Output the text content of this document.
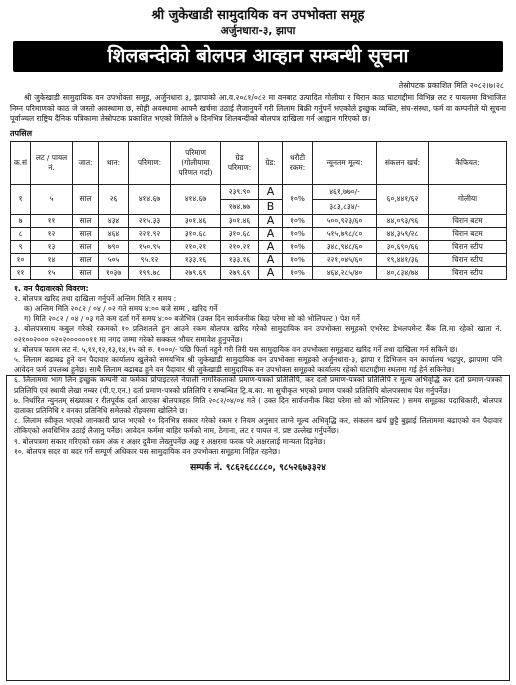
श्री जुकेखाडी सामुदायिक वन उपभोक्ता समूह
अर्जुनधारा-३, झापा
शिलबन्दीको बोलपत्र आव्हान सम्बन्धी सूचना
तेस्रोपटक प्रकाशित मिति २०८२।७।२८
श्री जुकेखाडी सामुदायिक वन उपभोक्ता समूह, अर्जुनधारा ३, झापाको आ.व.२०८१/०८२ मा वनबाट उत्पादित गोलीया र चिरान काठ घाटगद्दीमा विभिन्न लट र पायलमा विभाजित निम्न परिमाणको काठ जे जस्तो अवस्थामा छ, सोही अवस्थामा आफ्नै खर्चमा उठाई लैजानुपर्ने गरी लिलाम बिक्री गर्नुपर्ने भएकोले इच्छुक व्यक्ति, संघ-संस्था, फर्म वा कम्पनीले यो सूचना पूर्वाञ्चल राष्ट्रिय दैनिक पत्रिकामा तेस्रोपटक प्रकाशित भएको मितिले ७ दिनभित्र शिलबन्दीको बोलपत्र दाखिला गर्न आह्वान गरिएको छ।
तपसिल
क.सं	लट / पायल नं.	जात:	थान:	परिमाण:	परिमाण (गोलीयामा परिणत गर्दा)	ग्रेड परिमाण:	ग्रेड:	धरौटी रकम:	न्यूनतम मूल्य:	संकलन खर्च:	कैफियत:
१	५	साल	२६	४१४.६७	४१४.६७	२३९.९०	A	१०%	४६१,७७०/-	६०,४४१/६२	गोलीया
						१७४.७७	B		३८३,८३४/-		
७	११	साल	४३४	२१५.३३	३०१.४६	३०१.४६	A	१०%	५००,९२३/६०	४४,०९३/९६	चिरान बटम
८	१२	साल	४६४	२२१.९२	३१०.६८	३१०.६८	A	१०%	५१५,७९८/८०	४४,३५९/२८	चिरान बटम
९	१३	साल	७९०	१५०.९५	२१०.२१	२१०.२१	A	१०%	३४८,९४८/६०	३०,६९०/६६	चिरान स्टीप
१०	१४	साल	५०५	९५.१२	१३३.१६	१३३.१६	A	१०%	२२१,०४५/६०	१९,४४१/३६	चिरान स्टीप
११	१५	साल	१०३७	१९९.७८	२७९.६९	२७९.६९	A	१०%	४६४,२८५/४०	४०,८३४/७४	चिरान स्टीप
१. वन पैदावारको विवरण:
२. बोलपत्र खरिद तथा दाखिला गर्नुपर्ने अन्तिम मिति र समय :
क) अन्तिम मिति २०८२ / ०४ / ०२ गते समय ४:०० बजे सम्म , खरिद गर्ने
ग) मिति २०८२ / ०४ / ०३ गते कम दर्ता गर्ने समय ४:०० बजेभित्र (उक्त दिन सार्वजनीक बिदा परेमा सो को भोलिपल्ट ) पेश गर्ने
३. बोलपत्रसाथ कबुल गरेको रकमको १० प्रतिशतले हुन आउने रकम बोलपत्र खरिद गरेको सामुदायिक वन उपभोक्ता समूहको एभरेस्ट डेभलपमेन्ट बैंक लि.मा रहेको खाता नं. ०२१००२००० ०२०२००००००११ मा नगद जम्मा गरेको सक्कल भौचर समावेश हुनुपर्नेछ।
४. बोलपत्र फारम लट नं. ५,११,१२,१३,१४,१५ को रु. १०००/- पछि फिर्ता नहुने गरी तिरी यस सामुदायिक वन उपभोक्ता समूहबाट खरिद गर्ने तथा दाखिला गर्न सकिने छ।
५. लिलाम बढाबढ हुने वन पैदावार कार्यालय खुलेको समयभित्र श्री जुकेखाडी सामुदायिक वन उपभोक्ता समूहको अर्जुनधारा-३, झापा र डिभिजन वन कार्यालय भद्रपुर, झापामा पनि आवेदन फर्म उपलब्ध हुनेछ। साथै लिलाम बढाबढ हुने वन पैदावार श्री जुकेखाडी सामुदायिक वन उपभोक्ता समूहको कार्यालय रहेको घाटगद्दीमा स्थलमा गई हेर्न सकिनेछ।
६. लिलाममा भाग लिन इच्छुक कम्पनी वा फर्मका प्रोपाइटरले नेपाली नागरिकताको प्रमाण-पत्रको प्रतिलिपि, कर दर्ता प्रमाण-पत्रको प्रतिलिपि र मूल्य अभिवृद्धि कर दर्ता प्रमाण-पत्रको प्रतिलिपि एवं स्थायी लेखा नम्बर (पी.ए.एन.) दर्ता प्रमाण-पत्रको प्रतिलिपि र सम्बन्धित ट्रि.ब.का. मा सुचीकृत भएको प्रमाण पत्रको प्रतिलिपि बोलपत्रसाथ पेश गर्नुपर्नेछ।
७. निर्धारित न्युनतम् संख्याका र रीतपूर्वक दर्ता आएका बोलपत्रहरु मिति २०८२/०४/०४ गते ( उक्त दिन सार्वजनीक बिदा परेमा सो को भोलिपल्ट ) समय समूहका पदाधिकारी, बोलपत्र दाताका प्रतिनिधि र वनका प्रतिनिधि समेतको रोहवरमा खोलिने छ।
८. लिलाम स्वीकृत भएको जानकारी प्राप्त भएको १० दिनभित्र सकार गरेको रकम र नियम अनुसार लाग्ने मूल्य अभिवृद्धि कर, संकलन खर्च छुट्टै बुझाई लिलाममा बढाएको वन पैदावार तोकिएको अवधिभित्र उठाई लैजानु पर्नेछ। आवेदन फर्ममा बाहिर फर्मको नाम, ठेगाना, लट र पायल नं. प्रष्ट उल्लेख गर्नुपर्नेछ।
९. बोलपत्रमा सकार गरिएको रकम अंक र अक्षर दुवैमा लेख्नुपर्नेछ अङ्क र अक्षरमा फरक परे अक्षरलाई मान्यता दिइनेछ।
१०. बोलपत्र सदर वा बदर गर्ने सम्पूर्ण अधिकार यस सामुदायिक वन उपभोक्ता समूहमा निहित रहनेछ।
सम्पर्क नं. ९८६२६८८८८०, ९८५२६७३३२४
